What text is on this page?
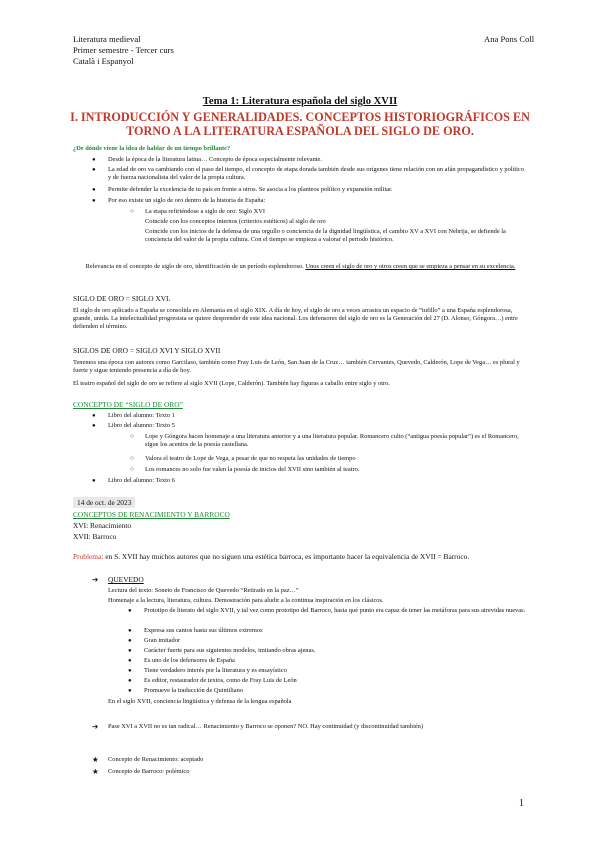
Literatura medieval
Primer semestre - Tercer curs
Català i Espanyol
Ana Pons Coll
Tema 1: Literatura española del siglo XVII
I. INTRODUCCIÓN Y GENERALIDADES. CONCEPTOS HISTORIOGRÁFICOS EN TORNO A LA LITERATURA ESPAÑOLA DEL SIGLO DE ORO.
¿De dónde viene la idea de hablar de un tiempo brillante?
● Desde la época de la literatura latina… Concepto de época especialmente relevante.
● La edad de oro va cambiando con el paso del tiempo, el concepto de etapa dorada también desde sus orígenes tiene relación con un afán propagandístico y político y de fuerza nacionalista del valor de la propia cultura.
● Permite defender la excelencia de tu país en frente a otros. Se asocia a los planteos político y expansión militar.
● Por eso existe un siglo de oro dentro de la historia de España:
○ La etapa refiriéndose a siglo de oro: Siglo XVI
Coincide con los conceptos internos (criterios estéticos) al siglo de oro
Coincide con los inicios de la defensa de una orgullo o conciencia de la dignidad lingüística, el cambio XV a XVI con Nebrija, se defiende la conciencia del valor de la propia cultura. Con el tiempo se empieza a valorar el periodo histórico.
Relevancia en el concepto de siglo de oro, identificación de un período esplendoroso. Unos creen el siglo de oro y otros creen que se empieza a pensar en su excelencia.
SIGLO DE ORO = SIGLO XVI.
El siglo de oro aplicado a España se consolida en Alemania en el siglo XIX. A día de hoy, el siglo de oro a veces arrastra un espacio de “tufillo” a una España esplendorosa, grande, unida. La intelectualidad progresista se quiere desprender de este idea nacional. Los defensores del siglo de oro es la Generación del 27 (D. Alonso, Góngora…) entre defienden el término.
SIGLOS DE ORO = SIGLO XVI Y SIGLO XVII
Tenemos una época con autores como Garcilaso, también como Fray Luis de León, San Juan de la Cruz… también Cervantes, Quevedo, Calderón, Lope de Vega… es plural y fuerte y sigue teniendo presencia a día de hoy.
El teatro español del siglo de oro se refiere al siglo XVII (Lope, Calderón). También hay figuras a caballo entre siglo y otro.
CONCEPTO DE “SIGLO DE ORO”
● Libro del alumno: Texto 1
● Libro del alumno: Texto 5
○ Lope y Góngora hacen homenaje a una literatura anterior y a una literatura popular. Romancero culto (“antigua poesía popular”) es el Romancero, sigue los acentos de la poesía castellana.
○ Valora el teatro de Lope de Vega, a pesar de que no respeta las unidades de tiempo
○ Los romances no solo fue valen la poesía de inicios del XVII sino también al teatro.
● Libro del alumno: Texto 6
14 de oct. de 2023
CONCEPTOS DE RENACIMIENTO Y BARROCO
XVI: Renacimiento
XVII: Barroco
Problema: en S. XVII hay muchos autores que no siguen una estética barroca, es importante hacer la equivalencia de XVII = Barroco.
➔ QUEVEDO
Lectura del texto: Soneto de Francisco de Quevedo “Retirado en la paz…”
Homenaje a la lectura, literatura, cultura. Demostración para aludir a la continua inspiración en los clásicos.
● Prototipo de literato del siglo XVII, y tal vez como prototipo del Barroco, hasta qué punto era capaz de tener las metáforas para sus atrevidas nuevas.
● Expresa sus cantos hasta sus últimos extremos
● Gran imitador
● Carácter fuerte para sus siguientes modelos, imitando obras ajenas.
● Es uno de los defensores de España
● Tiene verdadero interés por la literatura y es ensayístico
● Es editor, restaurador de textos, como de Fray Luis de León
● Promueve la traducción de Quintiliano
En el siglo XVII, conciencia lingüística y defensa de la lengua española
➔ Pase XVI a XVII no es tan radical… Renacimiento y Barroco se oponen? NO. Hay continuidad (y discontinuidad también)
★ Concepto de Renacimiento: aceptado
★ Concepto de Barroco: polémico
1
